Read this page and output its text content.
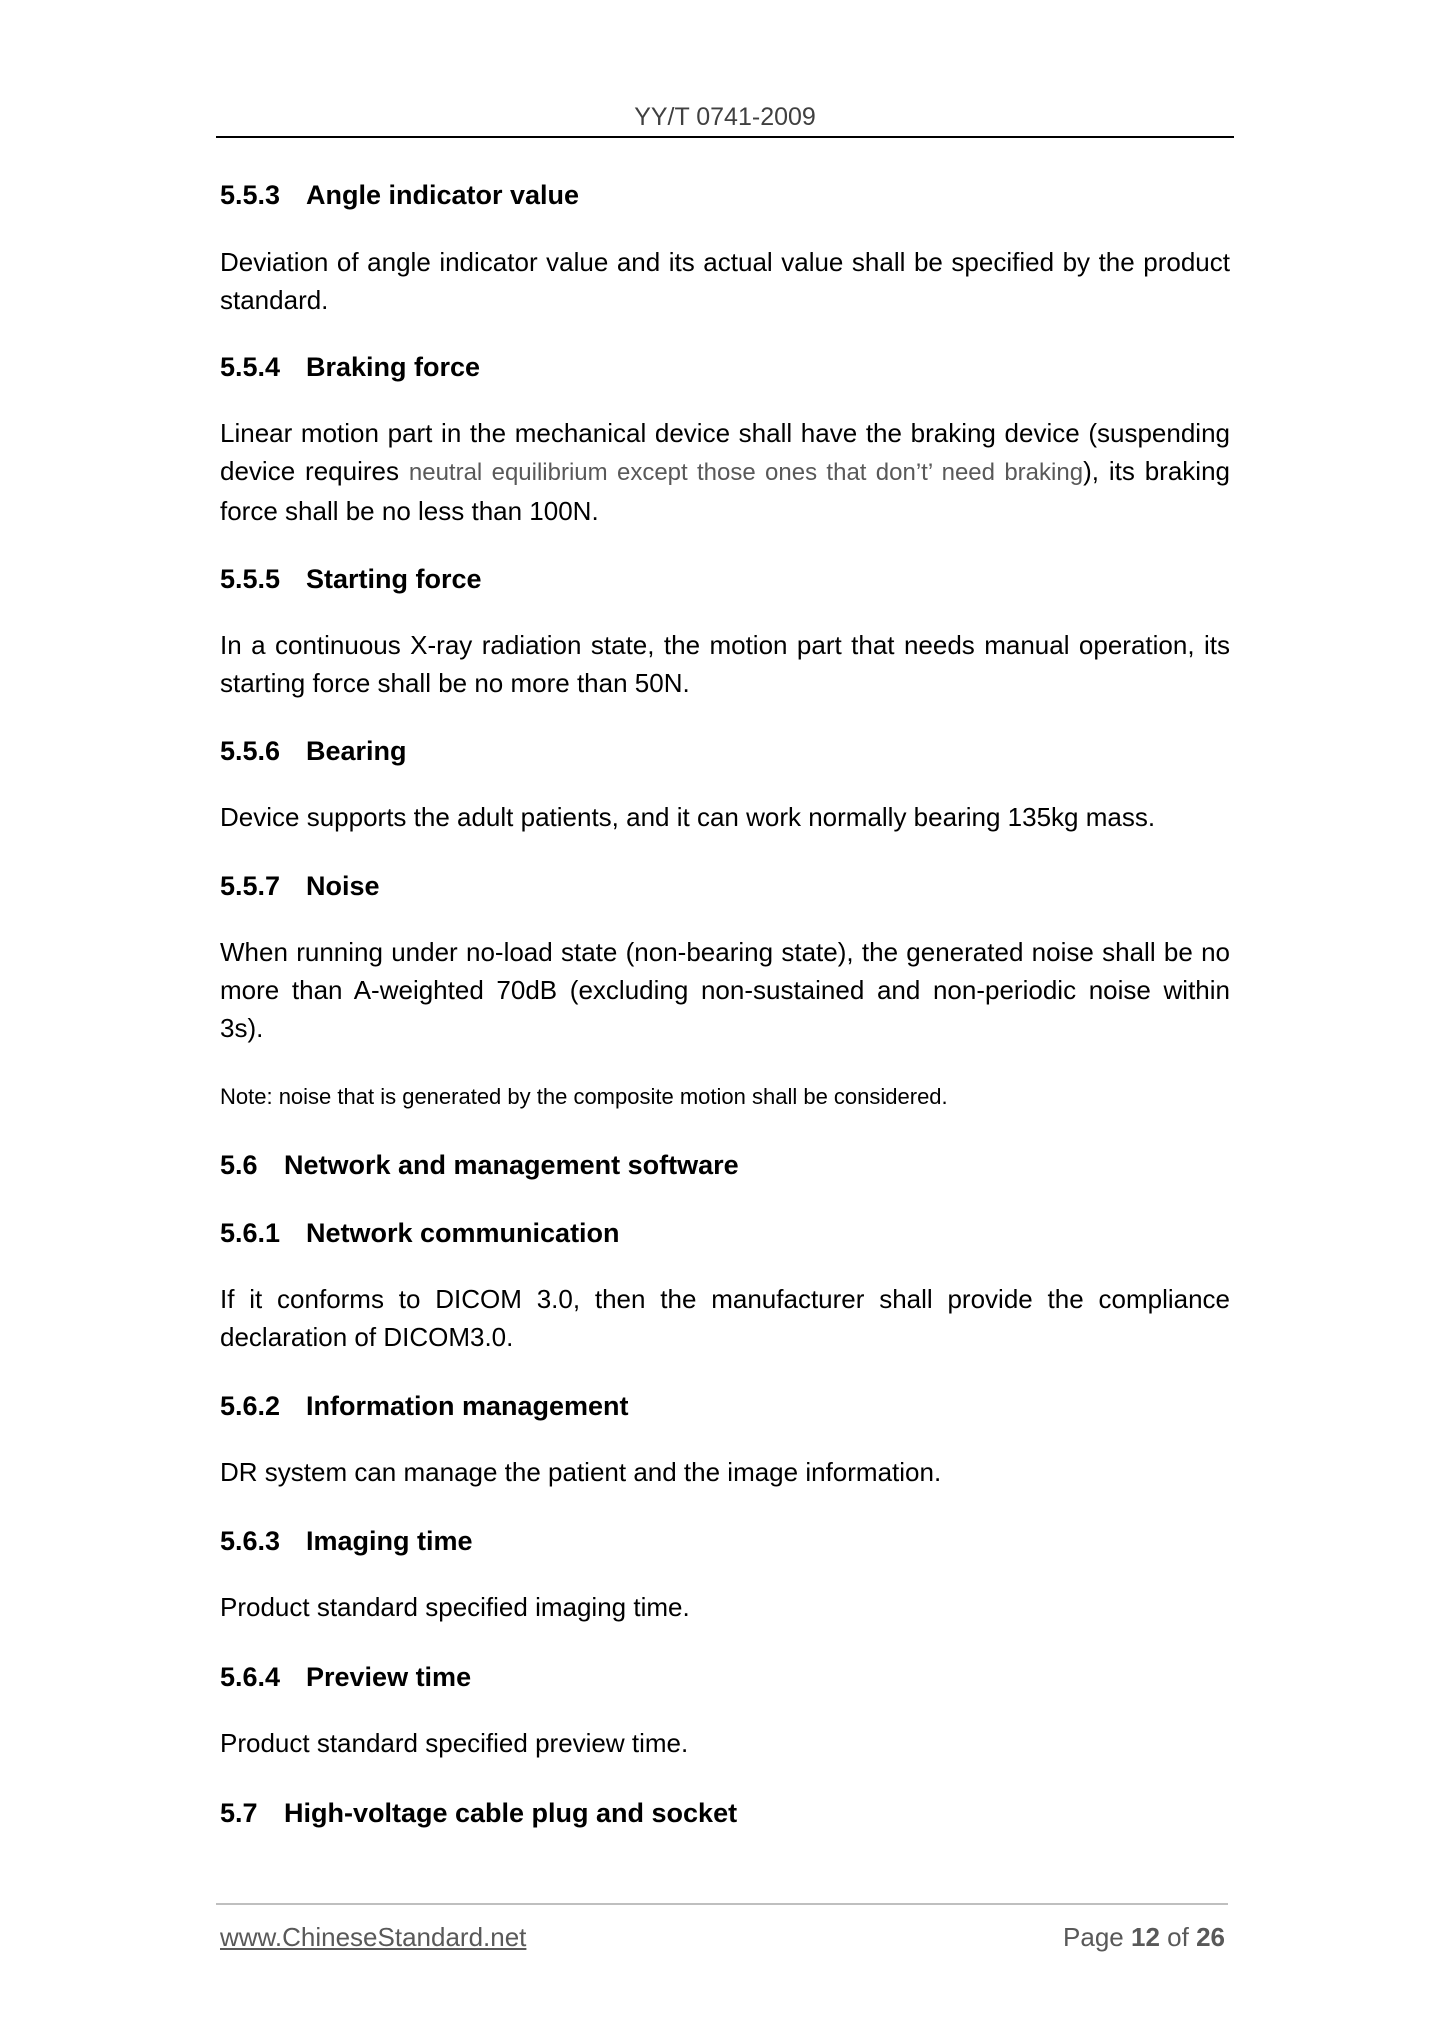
YY/T 0741-2009
5.5.3 Angle indicator value
Deviation of angle indicator value and its actual value shall be specified by the product standard.
5.5.4 Braking force
Linear motion part in the mechanical device shall have the braking device (suspending device requires neutral equilibrium except those ones that don’t’ need braking), its braking force shall be no less than 100N.
5.5.5 Starting force
In a continuous X-ray radiation state, the motion part that needs manual operation, its starting force shall be no more than 50N.
5.5.6 Bearing
Device supports the adult patients, and it can work normally bearing 135kg mass.
5.5.7 Noise
When running under no-load state (non-bearing state), the generated noise shall be no more than A-weighted 70dB (excluding non-sustained and non-periodic noise within 3s).
Note: noise that is generated by the composite motion shall be considered.
5.6 Network and management software
5.6.1 Network communication
If it conforms to DICOM 3.0, then the manufacturer shall provide the compliance declaration of DICOM3.0.
5.6.2 Information management
DR system can manage the patient and the image information.
5.6.3 Imaging time
Product standard specified imaging time.
5.6.4 Preview time
Product standard specified preview time.
5.7 High-voltage cable plug and socket
www.ChineseStandard.net	Page 12 of 26
